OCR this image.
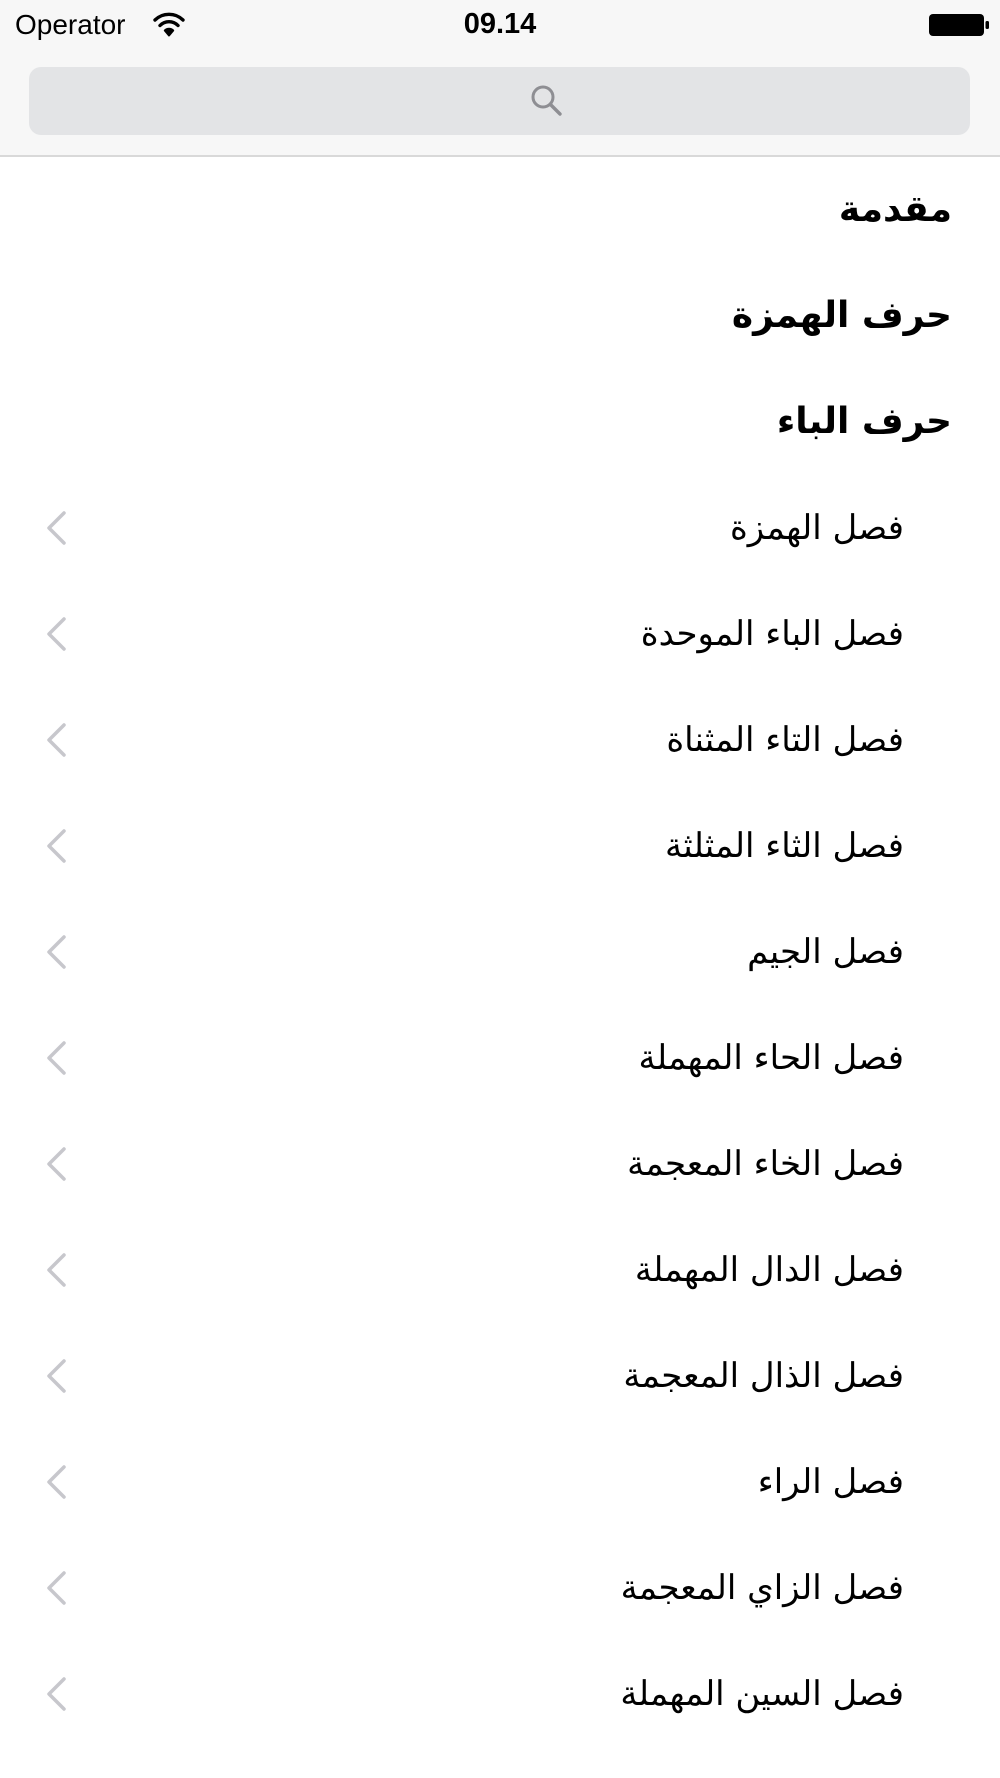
Operator	09.14
مقدمة
حرف الهمزة
حرف الباء
فصل الهمزة
فصل الباء الموحدة
فصل التاء المثناة
فصل الثاء المثلثة
فصل الجيم
فصل الحاء المهملة
فصل الخاء المعجمة
فصل الدال المهملة
فصل الذال المعجمة
فصل الراء
فصل الزاي المعجمة
فصل السين المهملة
